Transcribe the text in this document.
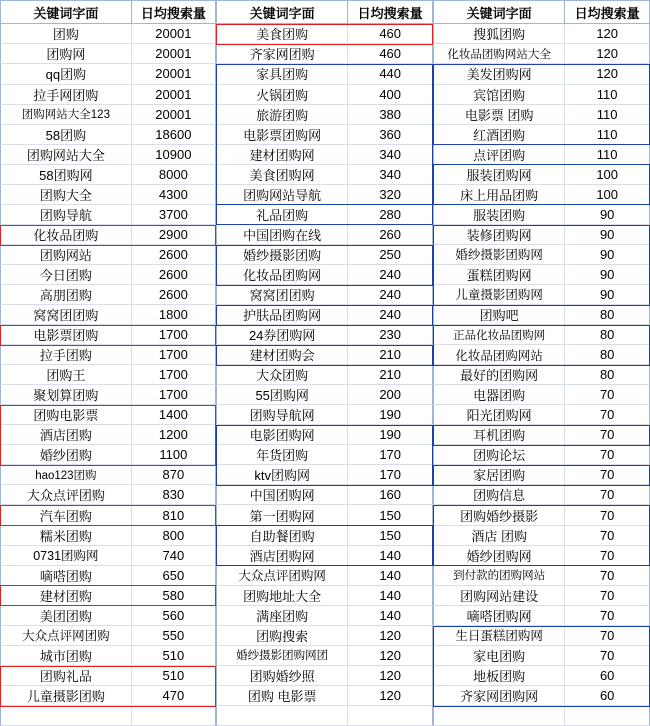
关键词字面	日均搜索量
团购	20001
团购网	20001
qq团购	20001
拉手网团购	20001
团购网站大全123	20001
58团购	18600
团购网站大全	10900
58团购网	8000
团购大全	4300
团购导航	3700
化妆品团购	2900
团购网站	2600
今日团购	2600
高朋团购	2600
窝窝团团购	1800
电影票团购	1700
拉手团购	1700
团购王	1700
聚划算团购	1700
团购电影票	1400
酒店团购	1200
婚纱团购	1100
hao123团购	870
大众点评团购	830
汽车团购	810
糯米团购	800
0731团购网	740
嘀嗒团购	650
建材团购	580
美团团购	560
大众点评网团购	550
城市团购	510
团购礼品	510
儿童摄影团购	470
关键词字面	日均搜索量
美食团购	460
齐家网团购	460
家具团购	440
火锅团购	400
旅游团购	380
电影票团购网	360
建材团购网	340
美食团购网	340
团购网站导航	320
礼品团购	280
中国团购在线	260
婚纱摄影团购	250
化妆品团购网	240
窝窝团团购	240
护肤品团购网	240
24券团购网	230
建材团购会	210
大众团购	210
55团购网	200
团购导航网	190
电影团购网	190
年货团购	170
ktv团购网	170
中国团购网	160
第一团购网	150
自助餐团购	150
酒店团购网	140
大众点评团购网	140
团购地址大全	140
满座团购	140
团购搜索	120
婚纱摄影团购网团	120
团购婚纱照	120
团购 电影票	120
关键词字面	日均搜索量
搜狐团购	120
化妆品团购网站大全	120
美发团购网	120
宾馆团购	110
电影票 团购	110
红酒团购	110
点评团购	110
服装团购网	100
床上用品团购	100
服装团购	90
装修团购网	90
婚纱摄影团购网	90
蛋糕团购网	90
儿童摄影团购网	90
团购吧	80
正品化妆品团购网	80
化妆品团购网站	80
最好的团购网	80
电器团购	70
阳光团购网	70
耳机团购	70
团购论坛	70
家居团购	70
团购信息	70
团购婚纱摄影	70
酒店 团购	70
婚纱团购网	70
到付款的团购网站	70
团购网站建设	70
嘀嗒团购网	70
生日蛋糕团购网	70
家电团购	70
地板团购	60
齐家网团购网	60
